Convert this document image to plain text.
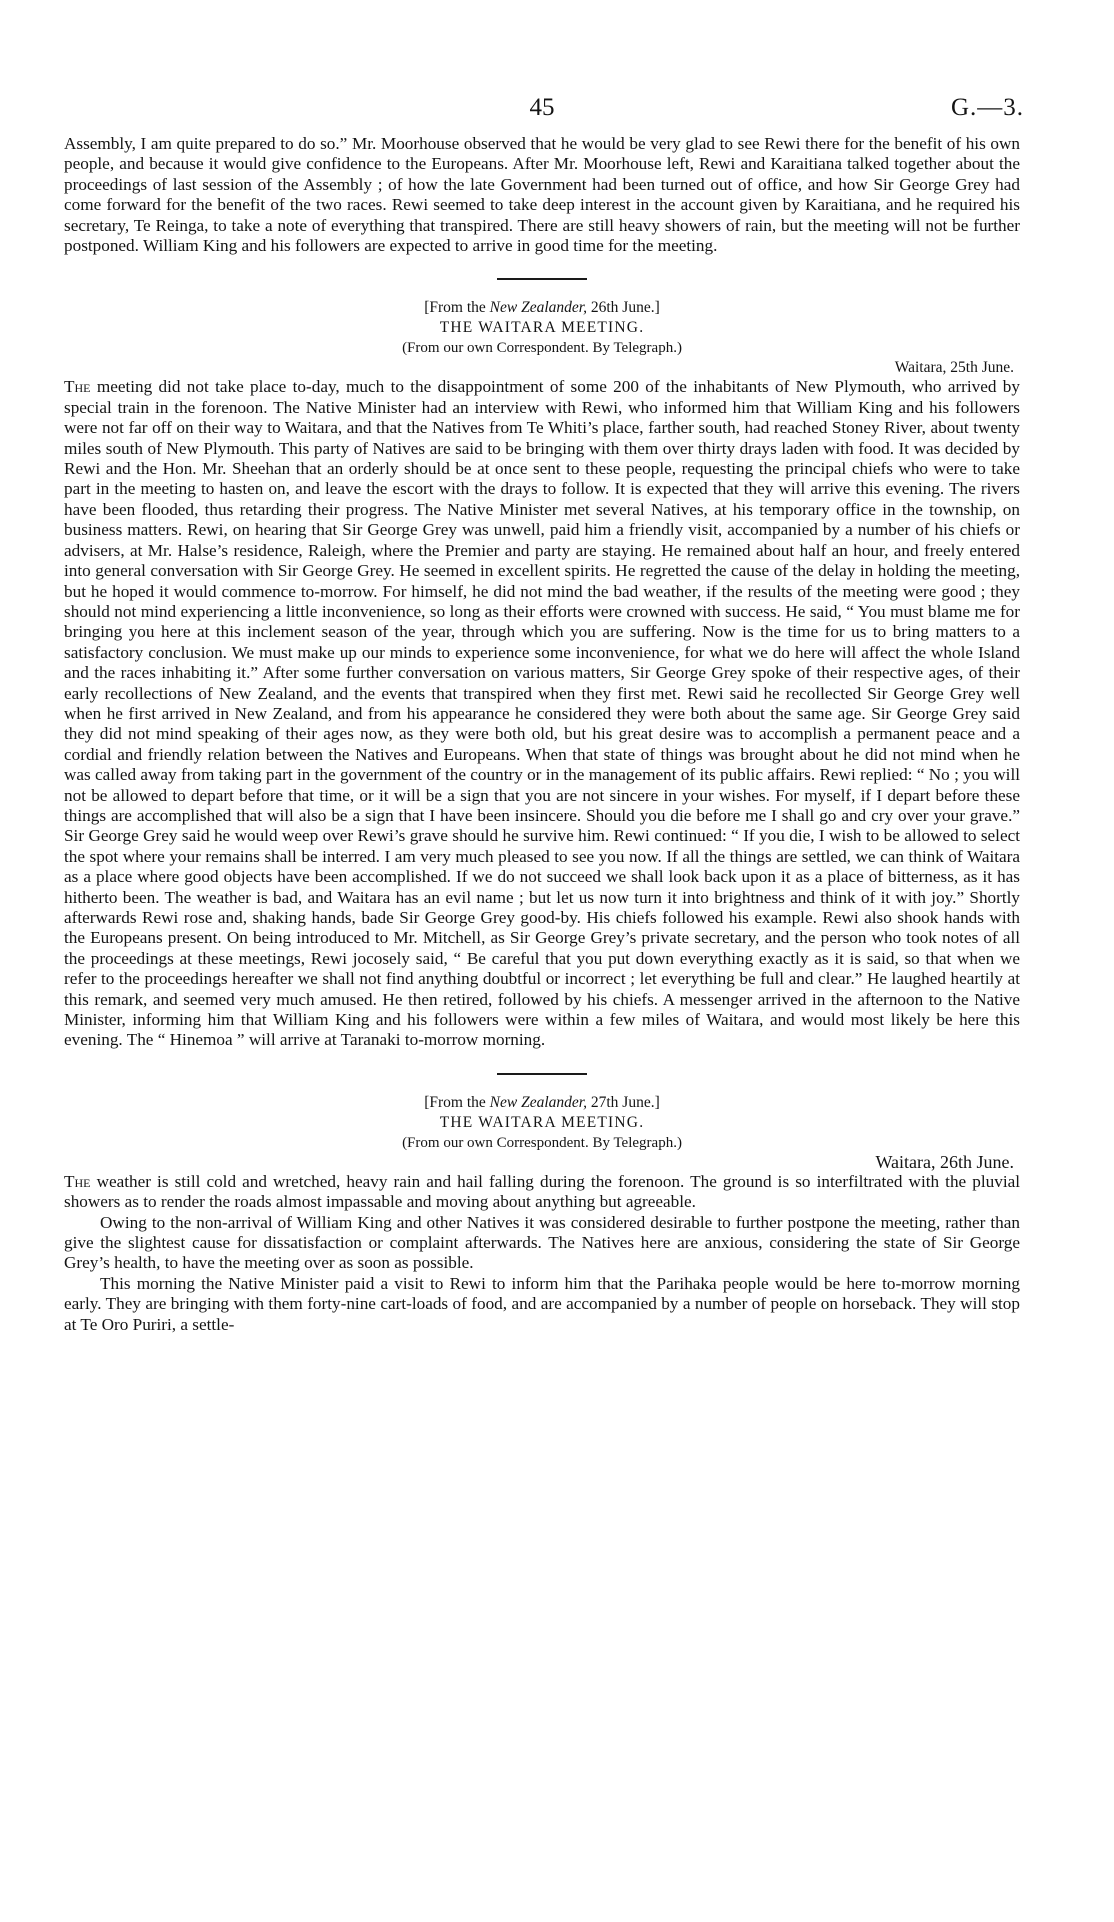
45	G.—3.

Assembly, I am quite prepared to do so.” Mr. Moorhouse observed that he would be very glad to see Rewi there for the benefit of his own people, and because it would give confidence to the Europeans. After Mr. Moorhouse left, Rewi and Karaitiana talked together about the proceedings of last session of the Assembly ; of how the late Government had been turned out of office, and how Sir George Grey had come forward for the benefit of the two races. Rewi seemed to take deep interest in the account given by Karaitiana, and he required his secretary, Te Reinga, to take a note of everything that transpired. There are still heavy showers of rain, but the meeting will not be further postponed. William King and his followers are expected to arrive in good time for the meeting.

[From the New Zealander, 26th June.]
THE WAITARA MEETING.
(From our own Correspondent. By Telegraph.)
Waitara, 25th June.

The meeting did not take place to-day, much to the disappointment of some 200 of the inhabitants of New Plymouth, who arrived by special train in the forenoon. The Native Minister had an interview with Rewi, who informed him that William King and his followers were not far off on their way to Waitara, and that the Natives from Te Whiti’s place, farther south, had reached Stoney River, about twenty miles south of New Plymouth. This party of Natives are said to be bringing with them over thirty drays laden with food. It was decided by Rewi and the Hon. Mr. Sheehan that an orderly should be at once sent to these people, requesting the principal chiefs who were to take part in the meeting to hasten on, and leave the escort with the drays to follow. It is expected that they will arrive this evening. The rivers have been flooded, thus retarding their progress. The Native Minister met several Natives, at his temporary office in the township, on business matters. Rewi, on hearing that Sir George Grey was unwell, paid him a friendly visit, accompanied by a number of his chiefs or advisers, at Mr. Halse’s residence, Raleigh, where the Premier and party are staying. He remained about half an hour, and freely entered into general conversation with Sir George Grey. He seemed in excellent spirits. He regretted the cause of the delay in holding the meeting, but he hoped it would commence to-morrow. For himself, he did not mind the bad weather, if the results of the meeting were good ; they should not mind experiencing a little inconvenience, so long as their efforts were crowned with success. He said, “ You must blame me for bringing you here at this inclement season of the year, through which you are suffering. Now is the time for us to bring matters to a satisfactory conclusion. We must make up our minds to experience some inconvenience, for what we do here will affect the whole Island and the races inhabiting it.” After some further conversation on various matters, Sir George Grey spoke of their respective ages, of their early recollections of New Zealand, and the events that transpired when they first met. Rewi said he recollected Sir George Grey well when he first arrived in New Zealand, and from his appearance he considered they were both about the same age. Sir George Grey said they did not mind speaking of their ages now, as they were both old, but his great desire was to accomplish a permanent peace and a cordial and friendly relation between the Natives and Europeans. When that state of things was brought about he did not mind when he was called away from taking part in the government of the country or in the management of its public affairs. Rewi replied: “ No ; you will not be allowed to depart before that time, or it will be a sign that you are not sincere in your wishes. For myself, if I depart before these things are accomplished that will also be a sign that I have been insincere. Should you die before me I shall go and cry over your grave.” Sir George Grey said he would weep over Rewi’s grave should he survive him. Rewi continued: “ If you die, I wish to be allowed to select the spot where your remains shall be interred. I am very much pleased to see you now. If all the things are settled, we can think of Waitara as a place where good objects have been accomplished. If we do not succeed we shall look back upon it as a place of bitterness, as it has hitherto been. The weather is bad, and Waitara has an evil name ; but let us now turn it into brightness and think of it with joy.” Shortly afterwards Rewi rose and, shaking hands, bade Sir George Grey good-by. His chiefs followed his example. Rewi also shook hands with the Europeans present. On being introduced to Mr. Mitchell, as Sir George Grey’s private secretary, and the person who took notes of all the proceedings at these meetings, Rewi jocosely said, “ Be careful that you put down everything exactly as it is said, so that when we refer to the proceedings hereafter we shall not find anything doubtful or incorrect ; let everything be full and clear.” He laughed heartily at this remark, and seemed very much amused. He then retired, followed by his chiefs. A messenger arrived in the afternoon to the Native Minister, informing him that William King and his followers were within a few miles of Waitara, and would most likely be here this evening. The “ Hinemoa ” will arrive at Taranaki to-morrow morning.

[From the New Zealander, 27th June.]
THE WAITARA MEETING.
(From our own Correspondent. By Telegraph.)
Waitara, 26th June.

The weather is still cold and wretched, heavy rain and hail falling during the forenoon. The ground is so interfiltrated with the pluvial showers as to render the roads almost impassable and moving about anything but agreeable.

Owing to the non-arrival of William King and other Natives it was considered desirable to further postpone the meeting, rather than give the slightest cause for dissatisfaction or complaint afterwards. The Natives here are anxious, considering the state of Sir George Grey’s health, to have the meeting over as soon as possible.

This morning the Native Minister paid a visit to Rewi to inform him that the Parihaka people would be here to-morrow morning early. They are bringing with them forty-nine cart-loads of food, and are accompanied by a number of people on horseback. They will stop at Te Oro Puriri, a settle-
